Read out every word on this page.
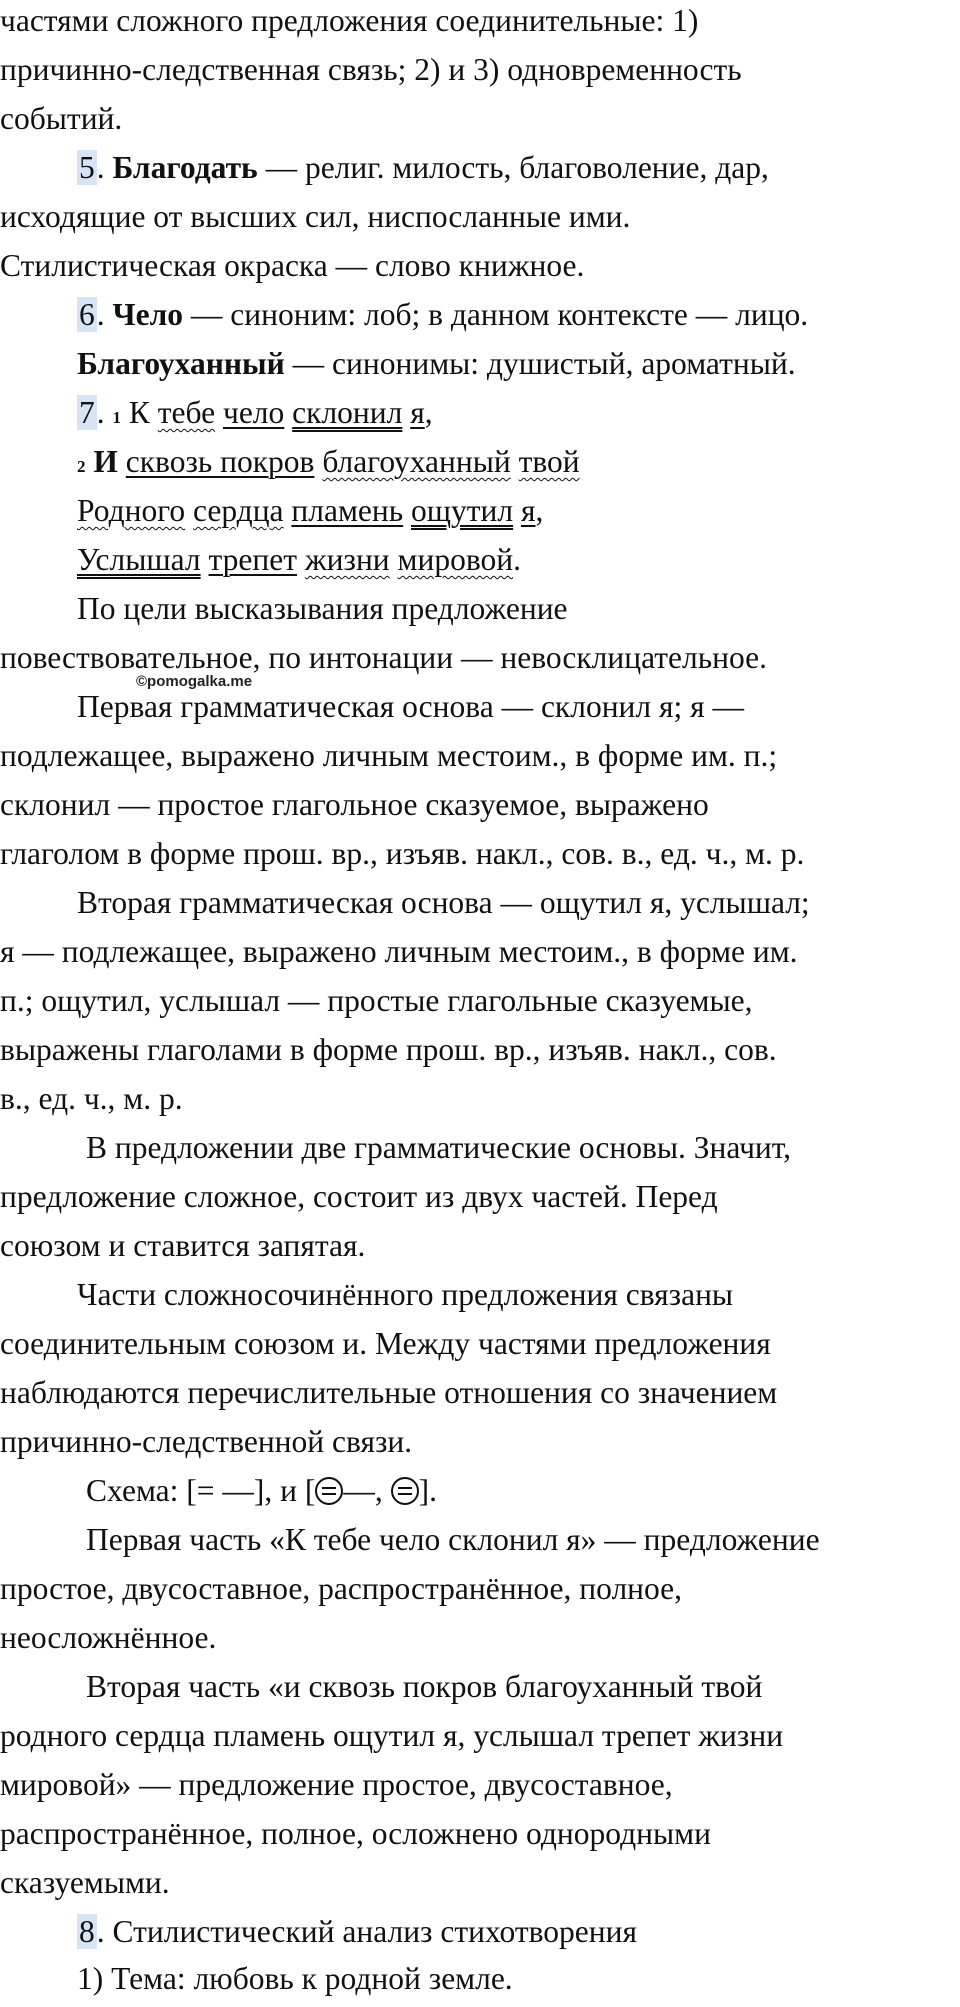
частями сложного предложения соединительные: 1)
причинно-следственная связь; 2) и 3) одновременность
событий.
5. Благодать — религ. милость, благоволение, дар,
исходящие от высших сил, ниспосланные ими.
Стилистическая окраска — слово книжное.
6. Чело — синоним: лоб; в данном контексте — лицо.
Благоуханный — синонимы: душистый, ароматный.
7. 1 К тебе чело склонил я,
2 И сквозь покров благоуханный твой
Родного сердца пламень ощутил я,
Услышал трепет жизни мировой.
По цели высказывания предложение
повествовательное, по интонации — невосклицательное.
©pomogalka.me
Первая грамматическая основа — склонил я; я —
подлежащее, выражено личным местоим., в форме им. п.;
склонил — простое глагольное сказуемое, выражено
глаголом в форме прош. вр., изъяв. накл., сов. в., ед. ч., м. р.
Вторая грамматическая основа — ощутил я, услышал;
я — подлежащее, выражено личным местоим., в форме им.
п.; ощутил, услышал — простые глагольные сказуемые,
выражены глаголами в форме прош. вр., изъяв. накл., сов.
в., ед. ч., м. р.
В предложении две грамматические основы. Значит,
предложение сложное, состоит из двух частей. Перед
союзом и ставится запятая.
Части сложносочинённого предложения связаны
соединительным союзом и. Между частями предложения
наблюдаются перечислительные отношения со значением
причинно-следственной связи.
Схема: [= —], и [ —, ].
Первая часть «К тебе чело склонил я» — предложение
простое, двусоставное, распространённое, полное,
неосложнённое.
Вторая часть «и сквозь покров благоуханный твой
родного сердца пламень ощутил я, услышал трепет жизни
мировой» — предложение простое, двусоставное,
распространённое, полное, осложнено однородными
сказуемыми.
8. Стилистический анализ стихотворения
1) Тема: любовь к родной земле.
